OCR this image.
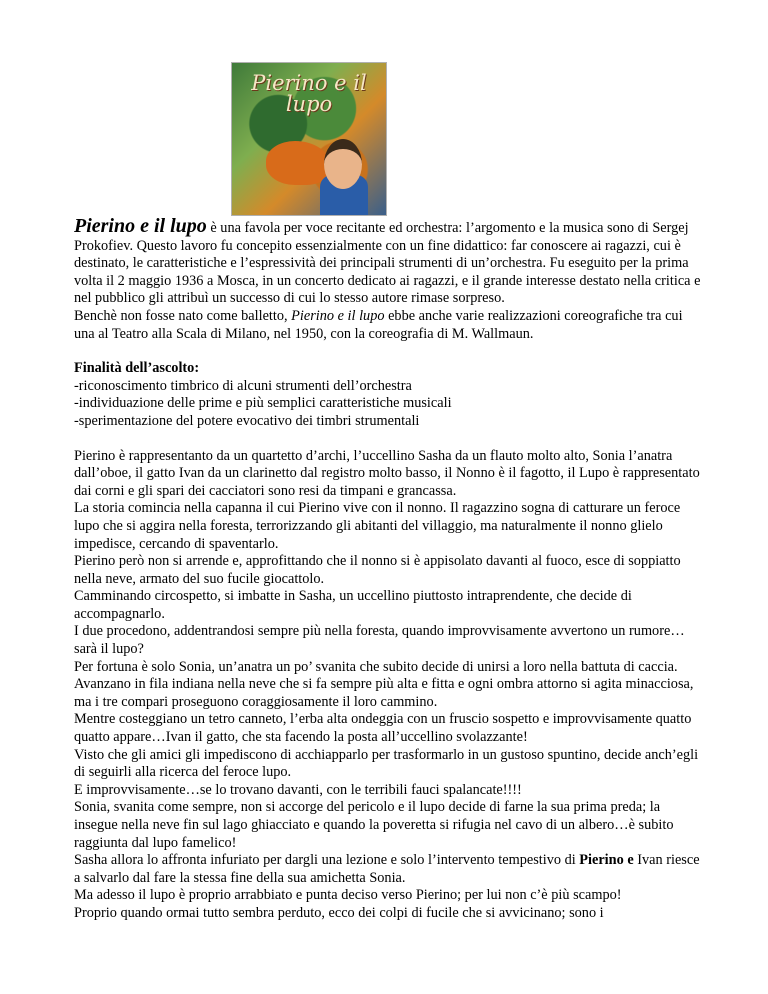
Pierino e il lupo

Pierino e il lupo è una favola per voce recitante ed orchestra: l’argomento e la musica sono di Sergej Prokofiev. Questo lavoro fu concepito essenzialmente con un fine didattico: far conoscere ai ragazzi, cui è destinato, le caratteristiche e l’espressività dei principali strumenti di un’orchestra. Fu eseguito per la prima volta il 2 maggio 1936 a Mosca, in un concerto dedicato ai ragazzi, e il grande interesse destato nella critica e nel pubblico gli attribuì un successo di cui lo stesso autore rimase sorpreso.

Benchè non fosse nato come balletto, Pierino e il lupo ebbe anche varie realizzazioni coreografiche tra cui una al Teatro alla Scala di Milano, nel 1950, con la coreografia di M. Wallmaun.

Finalità dell’ascolto:

-riconoscimento timbrico di alcuni strumenti dell’orchestra

-individuazione delle prime e più semplici caratteristiche musicali

-sperimentazione del potere evocativo dei timbri strumentali

Pierino è rappresentanto da un quartetto d’archi, l’uccellino Sasha da un flauto molto alto, Sonia l’anatra dall’oboe, il gatto Ivan da un clarinetto dal registro molto basso, il Nonno è il fagotto, il Lupo è rappresentato dai corni e gli spari dei cacciatori sono resi da timpani e grancassa.

La storia comincia nella capanna il cui Pierino vive con il nonno. Il ragazzino sogna di catturare un feroce lupo che si aggira nella foresta, terrorizzando gli abitanti del villaggio, ma naturalmente il nonno glielo impedisce, cercando di spaventarlo.

Pierino però non si arrende e, approfittando che il nonno si è appisolato davanti al fuoco, esce di soppiatto nella neve, armato del suo fucile giocattolo.

Camminando circospetto, si imbatte in Sasha, un uccellino piuttosto intraprendente, che decide di accompagnarlo.

I due procedono, addentrandosi sempre più nella foresta, quando improvvisamente avvertono un rumore…sarà il lupo?

Per fortuna è solo Sonia, un’anatra un po’ svanita che subito decide di unirsi a loro nella battuta di caccia.

Avanzano in fila indiana nella neve che si fa sempre più alta e fitta e ogni ombra attorno si agita minacciosa, ma i tre compari proseguono coraggiosamente il loro cammino.

Mentre costeggiano un tetro canneto, l’erba alta ondeggia con un fruscio sospetto e improvvisamente quatto quatto appare…Ivan il gatto, che sta facendo la posta all’uccellino svolazzante!

Visto che gli amici gli impediscono di acchiapparlo per trasformarlo in un gustoso spuntino, decide anch’egli di seguirli alla ricerca del feroce lupo.

E improvvisamente…se lo trovano davanti, con le terribili fauci spalancate!!!!

Sonia, svanita come sempre, non si accorge del pericolo e il lupo decide di farne la sua prima preda; la insegue nella neve fin sul lago ghiacciato e quando la poveretta si rifugia nel cavo di un albero…è subito raggiunta dal lupo famelico!

Sasha allora lo affronta infuriato per dargli una lezione e solo l’intervento tempestivo di Pierino e Ivan riesce a salvarlo dal fare la stessa fine della sua amichetta Sonia.

Ma adesso il lupo è proprio arrabbiato e punta deciso verso Pierino; per lui non c’è più scampo!

Proprio quando ormai tutto sembra perduto, ecco dei colpi di fucile che si avvicinano; sono i
